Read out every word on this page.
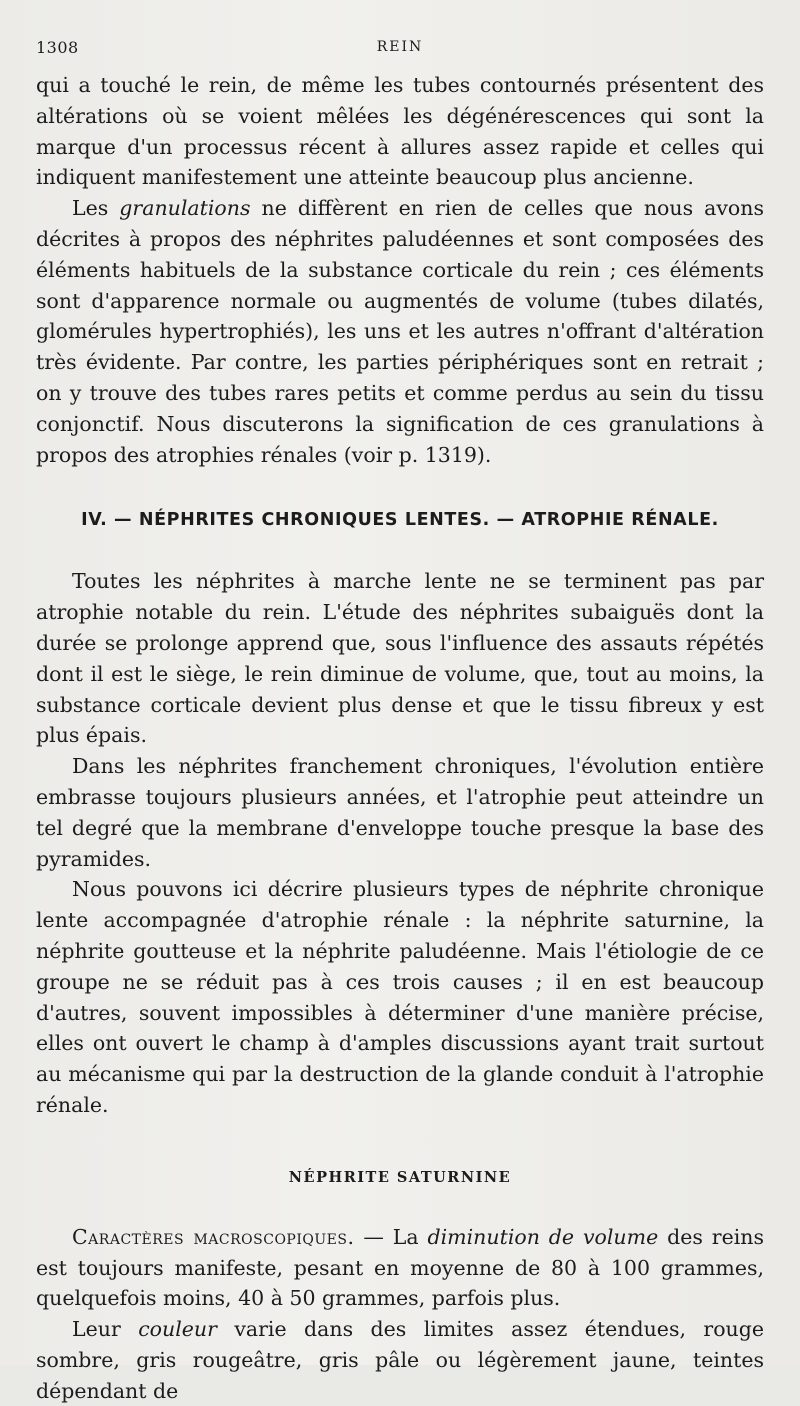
1308	REIN

qui a touché le rein, de même les tubes contournés présentent des altérations où se voient mêlées les dégénérescences qui sont la marque d'un processus récent à allures assez rapide et celles qui indiquent manifestement une atteinte beaucoup plus ancienne.

Les granulations ne diffèrent en rien de celles que nous avons décrites à propos des néphrites paludéennes et sont composées des éléments habituels de la substance corticale du rein ; ces éléments sont d'apparence normale ou augmentés de volume (tubes dilatés, glomérules hypertrophiés), les uns et les autres n'offrant d'altération très évidente. Par contre, les parties périphériques sont en retrait ; on y trouve des tubes rares petits et comme perdus au sein du tissu conjonctif. Nous discuterons la signification de ces granulations à propos des atrophies rénales (voir p. 1319).

IV. — NÉPHRITES CHRONIQUES LENTES. — ATROPHIE RÉNALE.

Toutes les néphrites à marche lente ne se terminent pas par atrophie notable du rein. L'étude des néphrites subaiguës dont la durée se prolonge apprend que, sous l'influence des assauts répétés dont il est le siège, le rein diminue de volume, que, tout au moins, la substance corticale devient plus dense et que le tissu fibreux y est plus épais.

Dans les néphrites franchement chroniques, l'évolution entière embrasse toujours plusieurs années, et l'atrophie peut atteindre un tel degré que la membrane d'enveloppe touche presque la base des pyramides.

Nous pouvons ici décrire plusieurs types de néphrite chronique lente accompagnée d'atrophie rénale : la néphrite saturnine, la néphrite goutteuse et la néphrite paludéenne. Mais l'étiologie de ce groupe ne se réduit pas à ces trois causes ; il en est beaucoup d'autres, souvent impossibles à déterminer d'une manière précise, elles ont ouvert le champ à d'amples discussions ayant trait surtout au mécanisme qui par la destruction de la glande conduit à l'atrophie rénale.

NÉPHRITE SATURNINE

Caractères macroscopiques. — La diminution de volume des reins est toujours manifeste, pesant en moyenne de 80 à 100 grammes, quelquefois moins, 40 à 50 grammes, parfois plus.

Leur couleur varie dans des limites assez étendues, rouge sombre, gris rougeâtre, gris pâle ou légèrement jaune, teintes dépendant de
